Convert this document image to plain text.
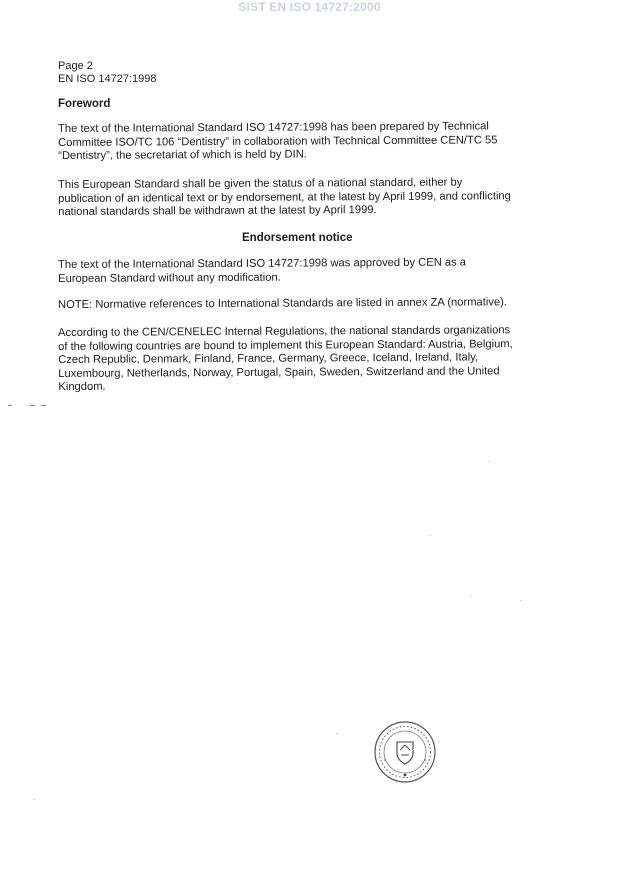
SIST EN ISO 14727:2000
Page 2
EN ISO 14727:1998
Foreword
The text of the International Standard ISO 14727:1998 has been prepared by Technical
Committee ISO/TC 106 “Dentistry” in collaboration with Technical Committee CEN/TC 55
“Dentistry”, the secretariat of which is held by DIN.
This European Standard shall be given the status of a national standard, either by
publication of an identical text or by endorsement, at the latest by April 1999, and conflicting
national standards shall be withdrawn at the latest by April 1999.
Endorsement notice
The text of the International Standard ISO 14727:1998 was approved by CEN as a
European Standard without any modification.
NOTE: Normative references to International Standards are listed in annex ZA (normative).
According to the CEN/CENELEC Internal Regulations, the national standards organizations
of the following countries are bound to implement this European Standard: Austria, Belgium,
Czech Republic, Denmark, Finland, France, Germany, Greece, Iceland, Ireland, Italy,
Luxembourg, Netherlands, Norway, Portugal, Spain, Sweden, Switzerland and the United
Kingdom.
